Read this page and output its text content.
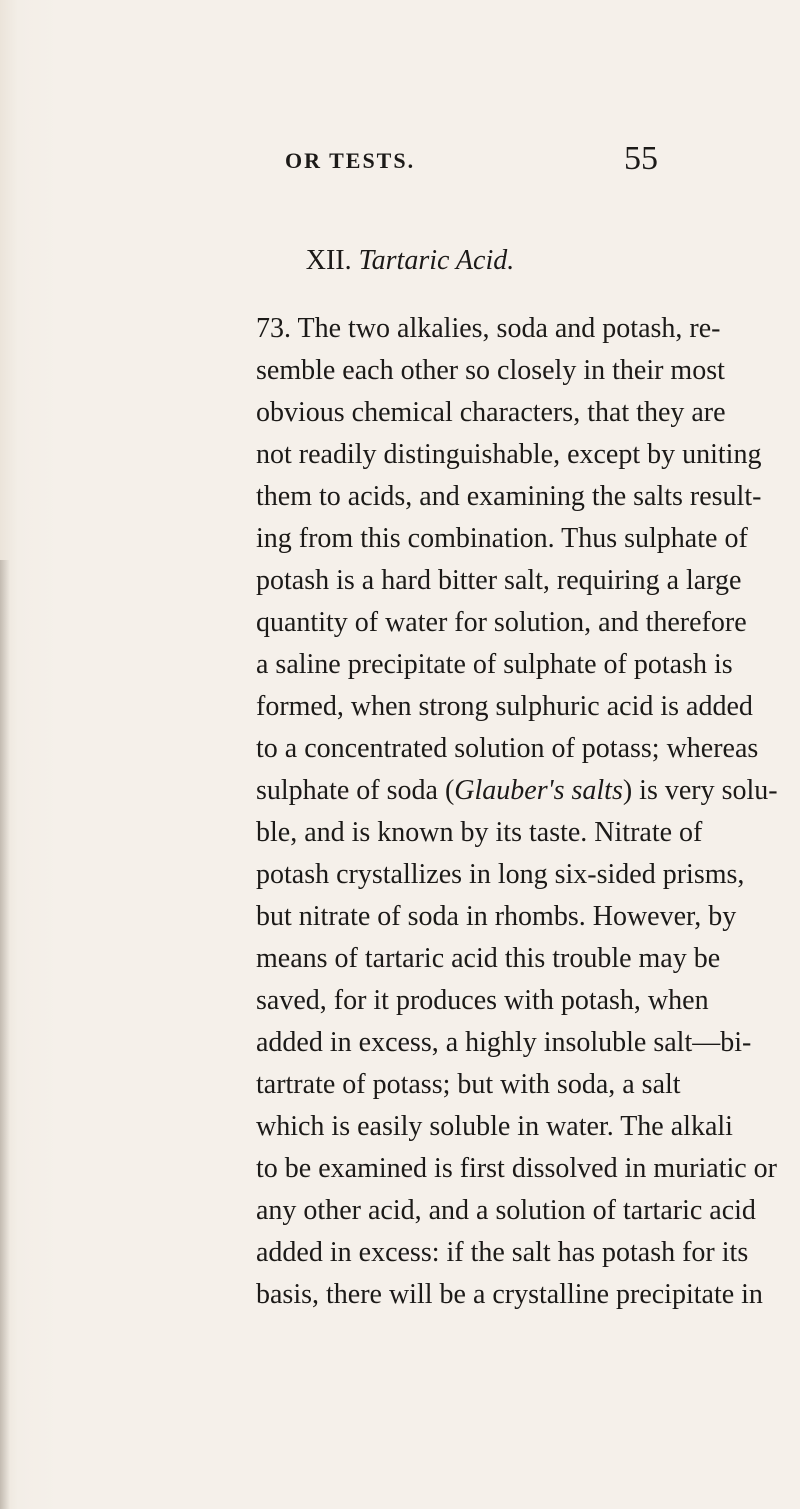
OR TESTS.	55
XII. Tartaric Acid.
73. The two alkalies, soda and potash, re-
semble each other so closely in their most
obvious chemical characters, that they are
not readily distinguishable, except by uniting
them to acids, and examining the salts result-
ing from this combination. Thus sulphate of
potash is a hard bitter salt, requiring a large
quantity of water for solution, and therefore
a saline precipitate of sulphate of potash is
formed, when strong sulphuric acid is added
to a concentrated solution of potass; whereas
sulphate of soda (Glauber's salts) is very solu-
ble, and is known by its taste. Nitrate of
potash crystallizes in long six-sided prisms,
but nitrate of soda in rhombs. However, by
means of tartaric acid this trouble may be
saved, for it produces with potash, when
added in excess, a highly insoluble salt—bi-
tartrate of potass; but with soda, a salt
which is easily soluble in water. The alkali
to be examined is first dissolved in muriatic or
any other acid, and a solution of tartaric acid
added in excess: if the salt has potash for its
basis, there will be a crystalline precipitate in
